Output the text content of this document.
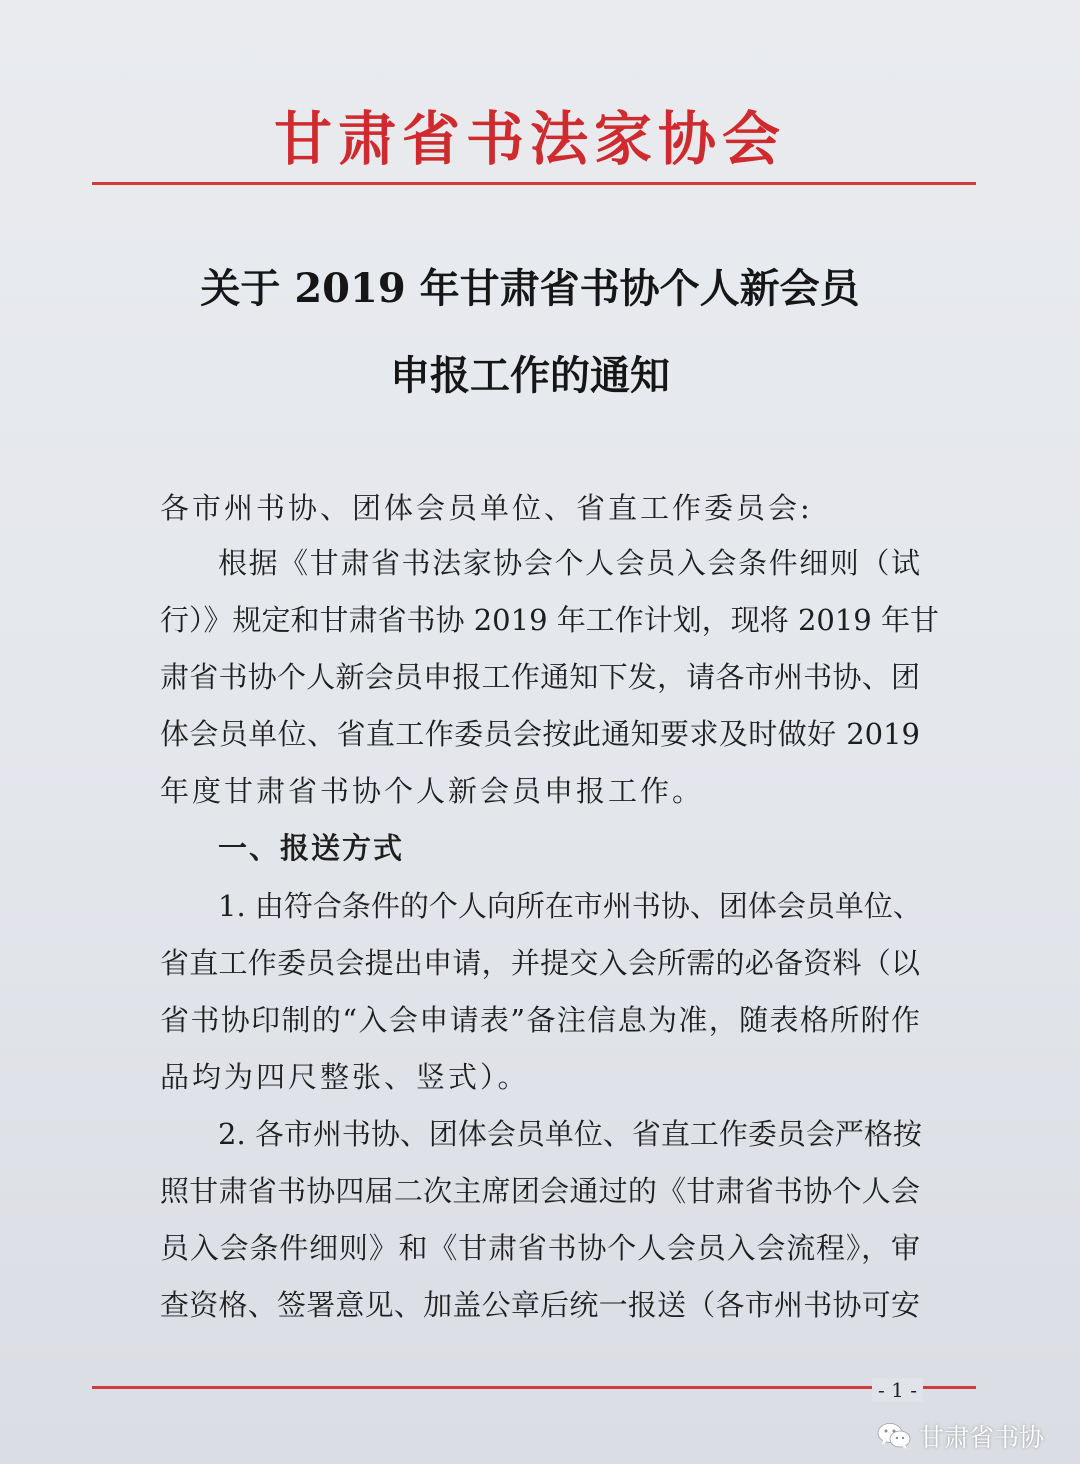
甘肃省书法家协会
关于 2019 年甘肃省书协个人新会员
申报工作的通知
各市州书协、团体会员单位、省直工作委员会:
根据《甘肃省书法家协会个人会员入会条件细则（试
行）》规定和甘肃省书协 2019 年工作计划，现将 2019 年甘
肃省书协个人新会员申报工作通知下发，请各市州书协、团
体会员单位、省直工作委员会按此通知要求及时做好 2019
年度甘肃省书协个人新会员申报工作。
一、报送方式
1. 由符合条件的个人向所在市州书协、团体会员单位、
省直工作委员会提出申请，并提交入会所需的必备资料（以
省书协印制的“入会申请表”备注信息为准，随表格所附作
品均为四尺整张、竖式）。
2. 各市州书协、团体会员单位、省直工作委员会严格按
照甘肃省书协四届二次主席团会通过的《甘肃省书协个人会
员入会条件细则》和《甘肃省书协个人会员入会流程》，审
查资格、签署意见、加盖公章后统一报送（各市州书协可安
- 1 -
甘肃省书协
